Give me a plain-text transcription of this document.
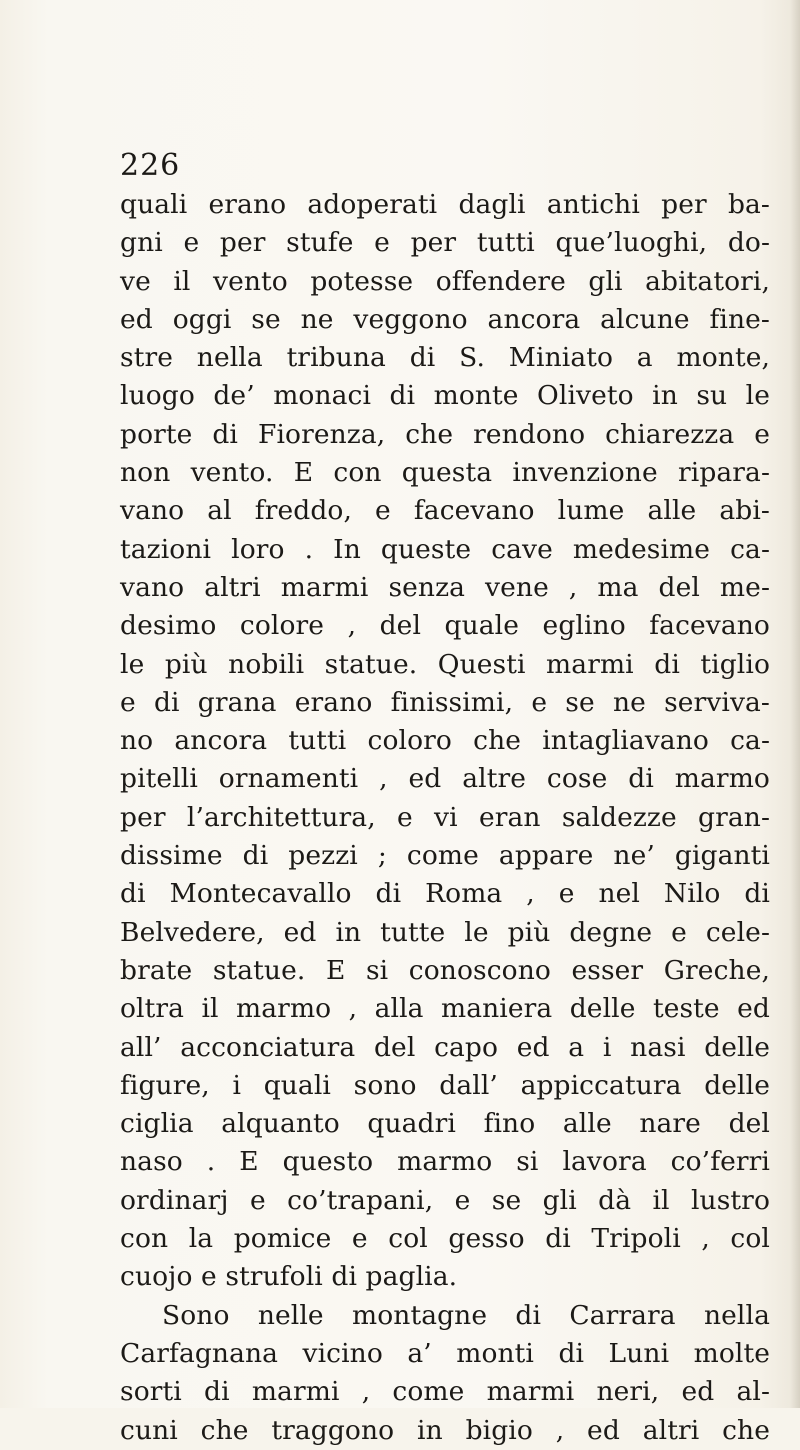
226
quali erano adoperati dagli antichi per ba-
gni e per stufe e per tutti que’luoghi, do-
ve il vento potesse offendere gli abitatori,
ed oggi se ne veggono ancora alcune fine-
stre nella tribuna di S. Miniato a monte,
luogo de’ monaci di monte Oliveto in su le
porte di Fiorenza, che rendono chiarezza e
non vento. E con questa invenzione ripara-
vano al freddo, e facevano lume alle abi-
tazioni loro . In queste cave medesime ca-
vano altri marmi senza vene , ma del me-
desimo colore , del quale eglino facevano
le più nobili statue. Questi marmi di tiglio
e di grana erano finissimi, e se ne serviva-
no ancora tutti coloro che intagliavano ca-
pitelli ornamenti , ed altre cose di marmo
per l’architettura, e vi eran saldezze gran-
dissime di pezzi ; come appare ne’ giganti
di Montecavallo di Roma , e nel Nilo di
Belvedere, ed in tutte le più degne e cele-
brate statue. E si conoscono esser Greche,
oltra il marmo , alla maniera delle teste ed
all’ acconciatura del capo ed a i nasi delle
figure, i quali sono dall’ appiccatura delle
ciglia alquanto quadri fino alle nare del
naso . E questo marmo si lavora co’ferri
ordinarj e co’trapani, e se gli dà il lustro
con la pomice e col gesso di Tripoli , col
cuojo e strufoli di paglia.
Sono nelle montagne di Carrara nella
Carfagnana vicino a’ monti di Luni molte
sorti di marmi , come marmi neri, ed al-
cuni che traggono in bigio , ed altri che
